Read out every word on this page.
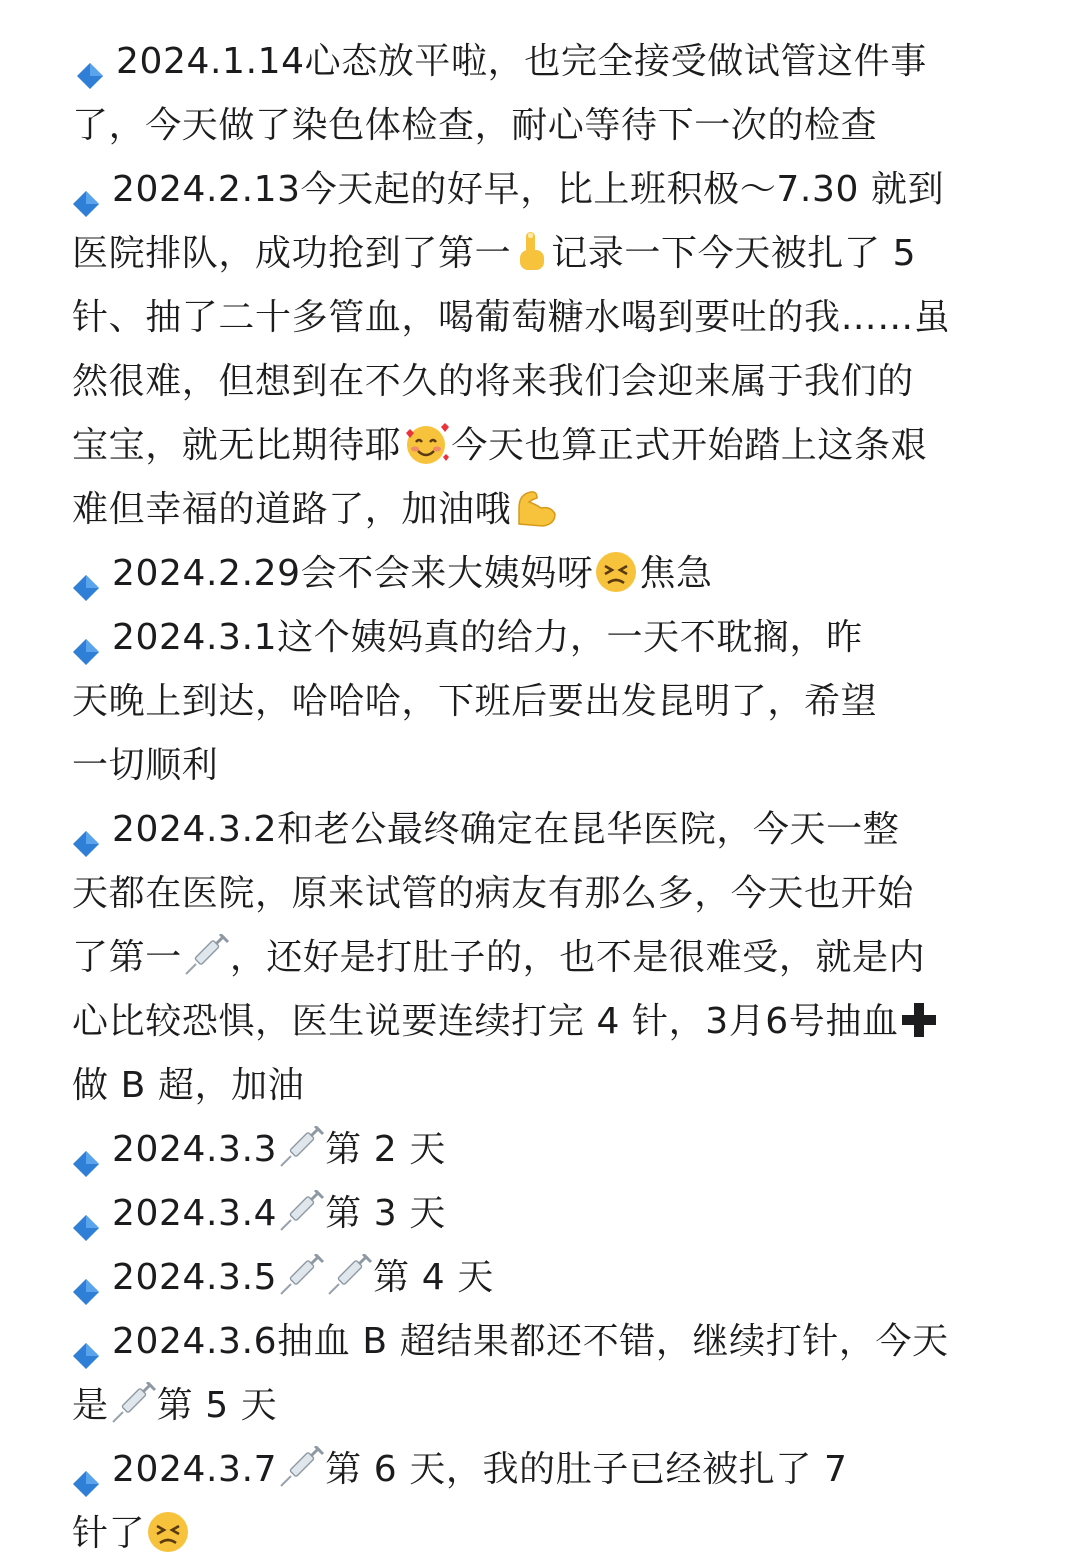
2024.1.14心态放平啦，也完全接受做试管这件事
了，今天做了染色体检查，耐心等待下一次的检查
2024.2.13今天起的好早，比上班积极～7.30 就到
医院排队，成功抢到了第一 记录一下今天被扎了 5
针、抽了二十多管血，喝葡萄糖水喝到要吐的我……虽
然很难，但想到在不久的将来我们会迎来属于我们的
宝宝，就无比期待耶 今天也算正式开始踏上这条艰
难但幸福的道路了，加油哦
2024.2.29会不会来大姨妈呀 焦急
2024.3.1这个姨妈真的给力，一天不耽搁，昨
天晚上到达，哈哈哈，下班后要出发昆明了，希望
一切顺利
2024.3.2和老公最终确定在昆华医院，今天一整
天都在医院，原来试管的病友有那么多，今天也开始
了第一 ，还好是打肚子的，也不是很难受，就是内
心比较恐惧，医生说要连续打完 4 针，3月6号抽血
做 B 超，加油
2024.3.3 第 2 天
2024.3.4 第 3 天
2024.3.5	第 4 天
2024.3.6抽血 B 超结果都还不错，继续打针，今天
是 第 5 天
2024.3.7 第 6 天，我的肚子已经被扎了 7
针了
